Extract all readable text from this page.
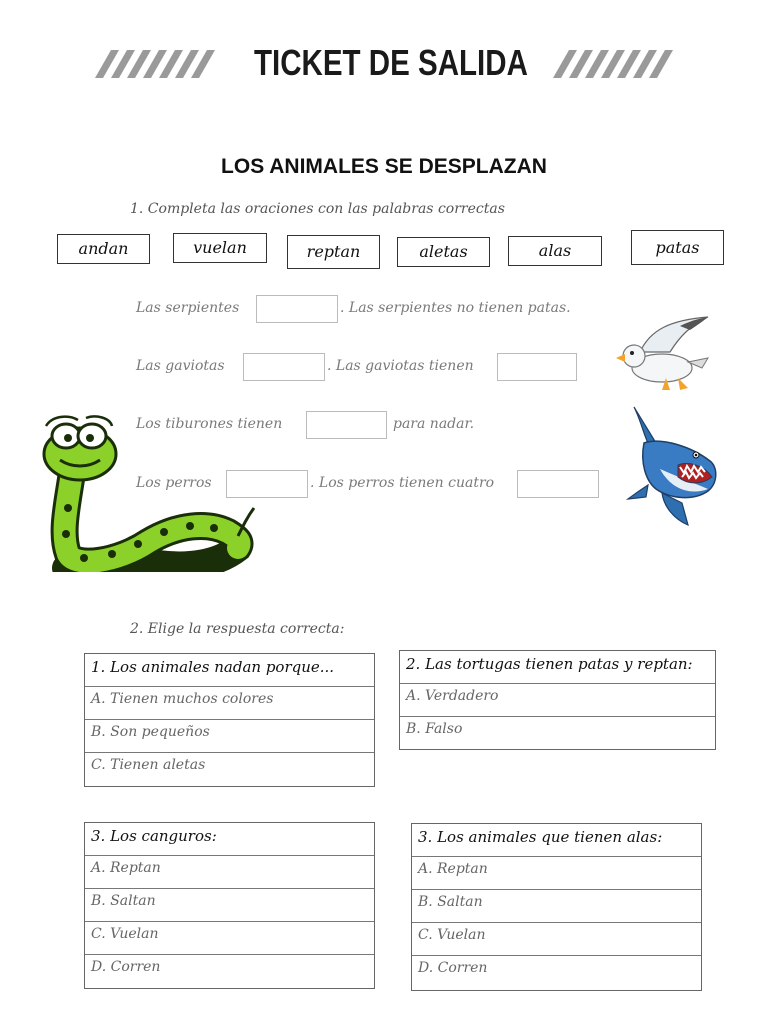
TICKET DE SALIDA
LOS ANIMALES SE DESPLAZAN
1. Completa las oraciones con las palabras correctas
andan	vuelan	reptan	aletas	alas	patas
Las serpientes	. Las serpientes no tienen patas.
Las gaviotas	. Las gaviotas tienen
Los tiburones tienen	para nadar.
Los perros	. Los perros tienen cuatro
2. Elige la respuesta correcta:
1. Los animales nadan porque...
A. Tienen muchos colores
B. Son pequeños
C. Tienen aletas
2. Las tortugas tienen patas y reptan:
A. Verdadero
B. Falso
3. Los canguros:
A. Reptan
B. Saltan
C. Vuelan
D. Corren
3. Los animales que tienen alas:
A. Reptan
B. Saltan
C. Vuelan
D. Corren
